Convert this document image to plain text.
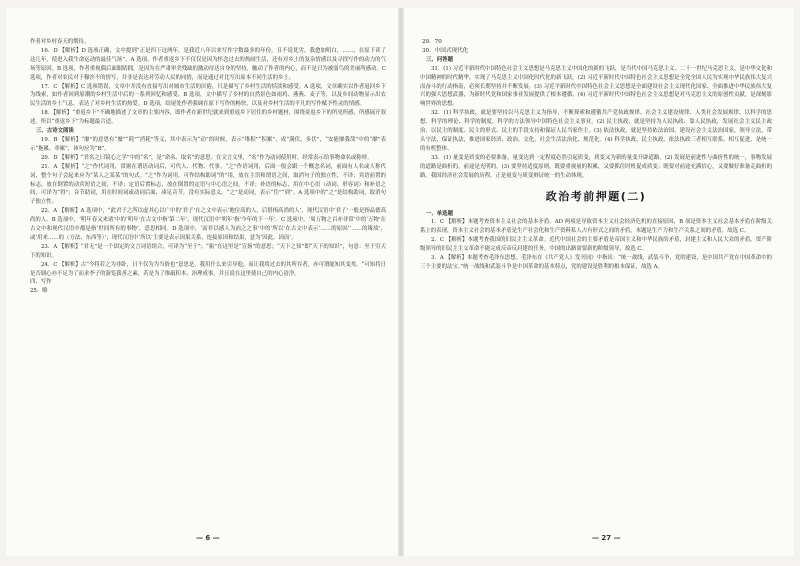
作者对乡村春天的期待。

16．D 【解析】D 选项正确，文中提到“正是四下这两年，是我近八年以来写作字数最多的年份，且不说优劣，我愈加明白，……，在原下读了这几年，使进入我生命运动的最佳气场”。A 选项，作者重返乡下不仅仅是因为怀念过去的热闹生活，还有对乡土的复杂情感以及寻找写作的动力的气场等原因。B 选项，作者重视偶后面眼睛拥，是因为在严肃审美残缺的激动待达自身的坚持，触动了作者的内心，而不是只为被弱鸟的美丽所感动。C 选项，作者对农民对于穆沙不的情写，并非是表达对劳动人民的同情，而是通过对比写出原本不同生活的乡土。

17．C 【解析】C 选项错误，文章中并没有直接写出对城市生活的厌倦，只是描写了乡村生活的恬淡和感受。A 选项，文章确实以作者返回乡下为线索，如作者回到原潮的乡村生活中后的一系列回忆和感受。B 选项，文中描写了乡村的自然景色如雨鸡、燕燕、麦子等，以及乡间动物显示出农民生活的乡土气息，表达了对乡村生活的热爱。D 选项，结尾处作者强调在原下写作的畅快，以及对乡村生活的平凡的写作赋予性灵的情感。

18．【解析】“重返乡下”不确地描述了文章的主要内容，即作者在新世纪就来到重返乡下居住的乡村题材，围绕童返乡下的所见所感，所感展开叙述。所以“重返乡下”为标题最合适。

三、古诗文阅读

19．B 【解析】“靡”的意思有“糜”“耗”“消耗”等义，其中表示为“动”的时候，表示“堆积”“积累”，成“满伏、多伏”，“安能靡我哉”中的“靡”表示“拖累、牵累”，该句应为“B”。

20．D 【解析】“君名之曰镜心之学”中的“名”，是“命名、取名”的意思。在文言文里，“名”作为动词使用时，经常表示给事物命名或称呼。

21．A 【解析】“之”作代词用，常据在谓语动词后，可代人、代物、代事。“之”作语词用，后面一般会跟一个概念名词，前面有人名或人称代词，整个句子会起来应为“某人之某某”的句式。“之”作为词用，可作结构助词“的”用，放在主语和谓语之间，取消句子的独立性，不译；宾语前置的标志，放在倒置的动宾短语之间，不译；定语后置标志，放在倒置的定语与中心语之间，不译；补语的标志，用在中心语（动词、形容词）和补语之间，可译为“得”；音节助词，用在时间词或动词后面，凑足音节，没有实际意义。“之”是动词，表示“往”“到”。A 选项中的“之”是结构助词，取消句子独立性。

22．A 【解析】A 选项中，“此君子之所以虚其心以广中的‘君子’在之文中表示‘地位高的人，后借指高尚的人’，现代汉语中‘君子’一般是指品德高尚的人。B 选项中，‘明年春又来诸’中的‘明年’在古文中指‘第二年’，现代汉语中‘明年’指‘今年的下一年’。C 选项中，‘周万物之百亦非常’中的‘万物’在古文中和现代汉语中都是指‘世间所有的事物’，意思相同。D 选项中，‘而非以感人为治之之事’中的‘所以’在古文中表示‘……的原因’‘……的缘故’，或‘用来……的（方法、东西等）’；现代汉语中‘所以’主要是表示因果关系，连接原因和结果，意为‘因此、因而’。

23．A 【解析】“君无”是一个固定的文言词语组合，可译为“至于”；“振”在这里是“宣扬”的意思；“天下之知”即“天下的知识”，句意：至于穷天下的知识。

24．C 【解析】古“今将若之为非卧，日不仅为为当俗也”意思是，我用什么来引导他，而让我将过去的其所存者，亦可谓能知其变矣。“可知将日是否调心亦不足为了而求李子的游览我善之素，若是为了推敲积本、治理成事，并且说在这里使自己的内心清净。

四、写作

25．略

— 6 —

29．70

30．中国式现代化

三、问答题

31．(1) 习近平新时代中国特色社会主义思想是马克思主义中国化的新的飞跃，是当代中国马克思主义、二十一世纪马克思主义，是中华文化和中国精神的时代精华，实现了马克思主义中国化时代化的新飞跃。(2) 习近平新时代中国特色社会主义思想是全党全国人民为实现中华民族伟大复兴而奋斗的行动指南，必须长期坚持并不断发展。(3) 习近平新时代中国特色社会主义思想是全面建设社会主义现代化国家、全面推进中华民族伟大复兴的强大思想武器，为新时代党和国家事业发展提供了根本遵循。(4) 习近平新时代中国特色社会主义思想是对马克思主义的原创性贡献，是深刻影响世界的思想。

32．(1) 科学执政，就是要坚持以马克思主义为指导，不断探索和遵循共产党执政规律、社会主义建设规律、人类社会发展规律，以科学的思想、科学的理论、科学的制度、科学的方法领导中国特色社会主义事业。(2) 民主执政，就是坚持为人民执政、靠人民执政，发展社会主义民主政治，以民主的制度、民主的形式、民主的手段支持和保证人民当家作主。(3) 依法执政，就是坚持依法治国、建设社会主义法治国家，领导立法，带头守法，保证执法，推进国家经济、政治、文化、社会生活法治化、规范化。(4) 科学执政、民主执政、依法执政三者相互联系、相互促进，是统一的有机整体。

33．(1) 量变是质变的必要准备，量变达到一定程度必然引起质变，质变又为新的量变开辟道路。(2) 发展是前进性与曲折性的统一，事物发展的道路是曲折的，前途是光明的。(3) 要坚持适度原则，既要重视量的积累，又要抓住时机促成质变；既要对前途充满信心，又要做好准备走曲折的路。我国经济社会发展的历程，正是量变与质变辩证统一的生动体现。

政治考前押题(二)

一、单选题

1．C 【解析】本题考查资本主义社会的基本矛盾。AD 两项是导致资本主义社会经济危机的直接原因，B 项是资本主义社会基本矛盾在阶级关系上的表现，资本主义社会的基本矛盾是生产社会化和生产资料私人占有形式之间的矛盾，本题是生产力和生产关系之间的矛盾，故选 C。

2．C 【解析】本题考查我国的旧民主主义革命。近代中国社会的主要矛盾是帝国主义和中华民族的矛盾，封建主义和人民大众的矛盾，资产阶级领导的旧民主主义革命不能完成反帝反封建的任务，中国的出路需要新的阶级领导，故选 C。

3．A 【解析】本题考查毛泽东思想。毛泽东在《共产党人》发刊词》中指出：“统一战线，武装斗争，党的建设，是中国共产党在中国革命中的三个主要的法宝。”统一战线和武装斗争是中国革命的基本特点，党的建设是胜利的根本保证，故选 A。

— 27 —
